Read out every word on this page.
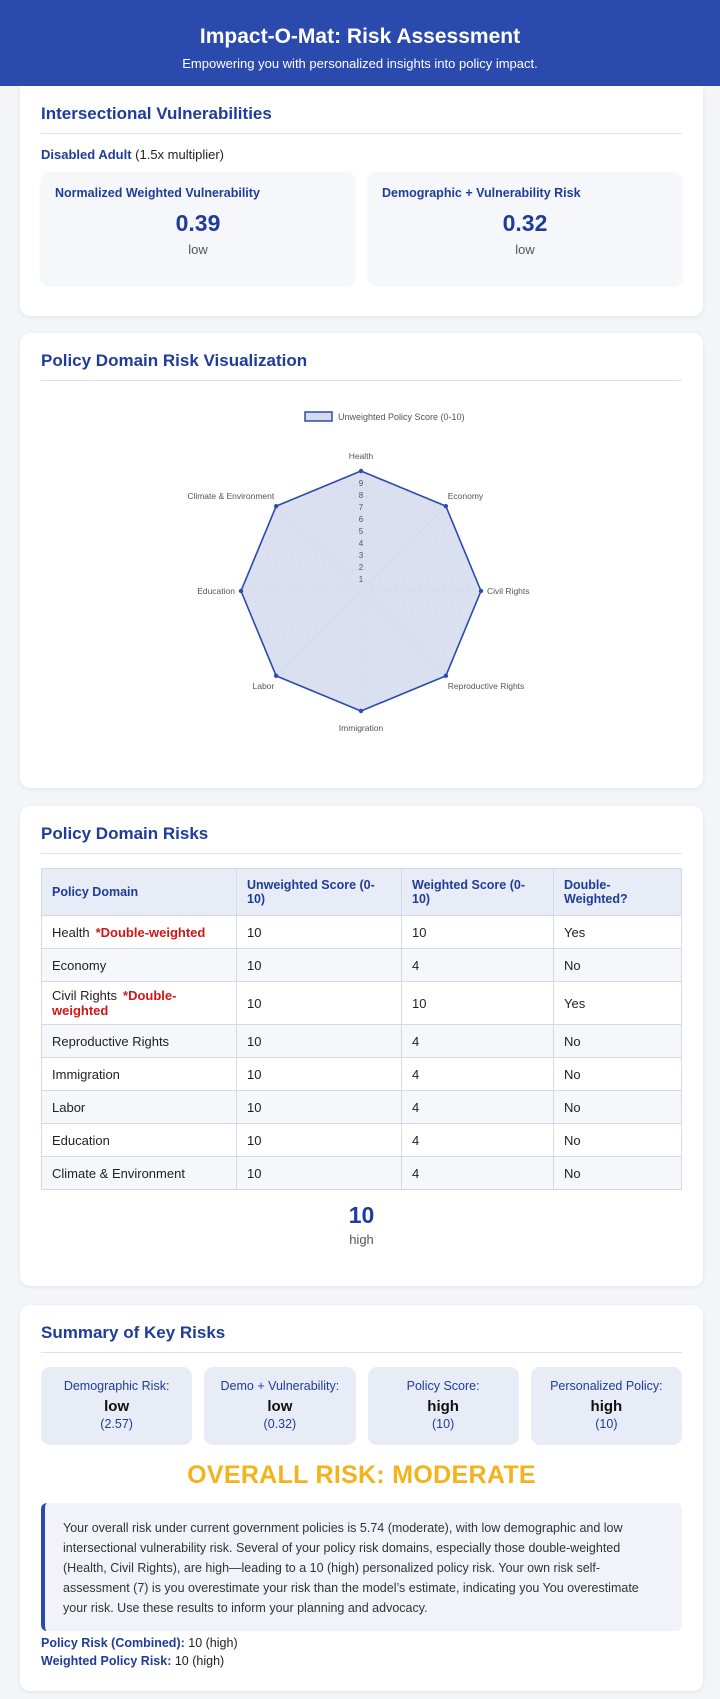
Impact-O-Mat: Risk Assessment

Empowering you with personalized insights into policy impact.

Intersectional Vulnerabilities
Disabled Adult (1.5x multiplier)
Normalized Weighted Vulnerability
0.39
low
Demographic + Vulnerability Risk
0.32
low
Policy Domain Risk Visualization
Unweighted Policy Score (0-10)
1
2
3
4
5
6
7
8
9
Health
Economy
Civil Rights
Reproductive Rights
Immigration
Labor
Education
Climate & Environment
Policy Domain Risks
Policy Domain	Unweighted Score (0-10)	Weighted Score (0-10)	Double-Weighted?
Health *Double-weighted	10	10	Yes
Economy	10	4	No
Civil Rights *Double-weighted	10	10	Yes
Reproductive Rights	10	4	No
Immigration	10	4	No
Labor	10	4	No
Education	10	4	No
Climate & Environment	10	4	No
10
high
Summary of Key Risks
Demographic Risk:
low
(2.57)
Demo + Vulnerability:
low
(0.32)
Policy Score:
high
(10)
Personalized Policy:
high
(10)
OVERALL RISK: MODERATE
Your overall risk under current government policies is 5.74 (moderate), with low demographic and low intersectional vulnerability risk. Several of your policy risk domains, especially those double-weighted (Health, Civil Rights), are high—leading to a 10 (high) personalized policy risk. Your own risk self-assessment (7) is you overestimate your risk than the model’s estimate, indicating you You overestimate your risk. Use these results to inform your planning and advocacy.
Policy Risk (Combined): 10 (high)
Weighted Policy Risk: 10 (high)
